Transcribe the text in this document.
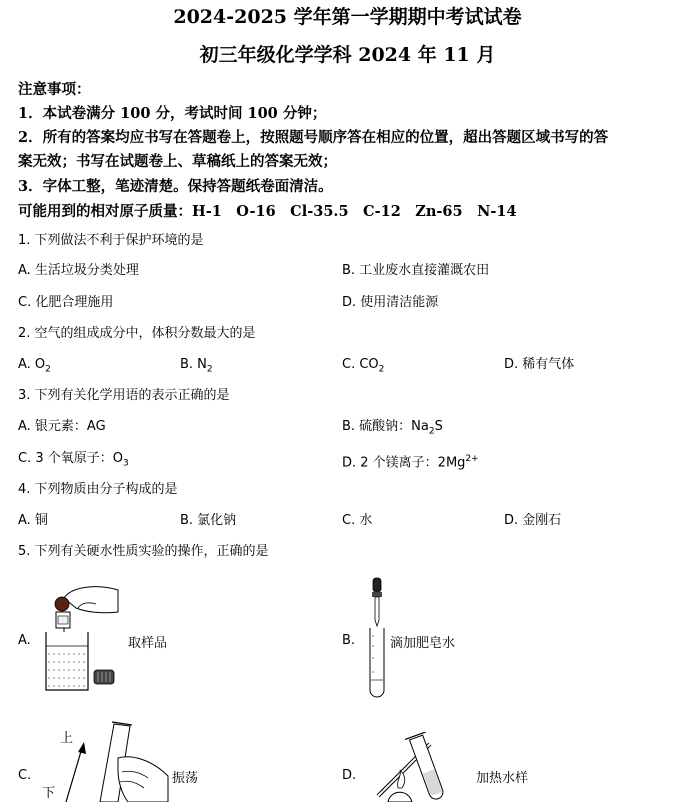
2024-2025 学年第一学期期中考试试卷
初三年级化学学科 2024 年 11 月
注意事项：
1．本试卷满分 100 分，考试时间 100 分钟；
2．所有的答案均应书写在答题卷上，按照题号顺序答在相应的位置，超出答题区域书写的答
案无效；书写在试题卷上、草稿纸上的答案无效；
3．字体工整，笔迹清楚。保持答题纸卷面清洁。
可能用到的相对原子质量：H-1　O-16　Cl-35.5　C-12　Zn-65　N-14
1. 下列做法不利于保护环境的是
A. 生活垃圾分类处理	B. 工业废水直接灌溉农田
C. 化肥合理施用	D. 使用清洁能源
2. 空气的组成成分中，体积分数最大的是
A. $O_2$	B. $N_2$	C. $CO_2$	D. 稀有气体
3. 下列有关化学用语的表示正确的是
A. 银元素：AG	B. 硫酸钠：$Na_2S$
C. 3 个氧原子：$O_3$	D. 2 个镁离子：$2Mg^{2+}$
4. 下列物质由分子构成的是
A. 铜	B. 氯化钠	C. 水	D. 金刚石
5. 下列有关硬水性质实验的操作，正确的是
A.	取样品	B.	滴加肥皂水
C.
上
下
振荡	D.	加热水样
